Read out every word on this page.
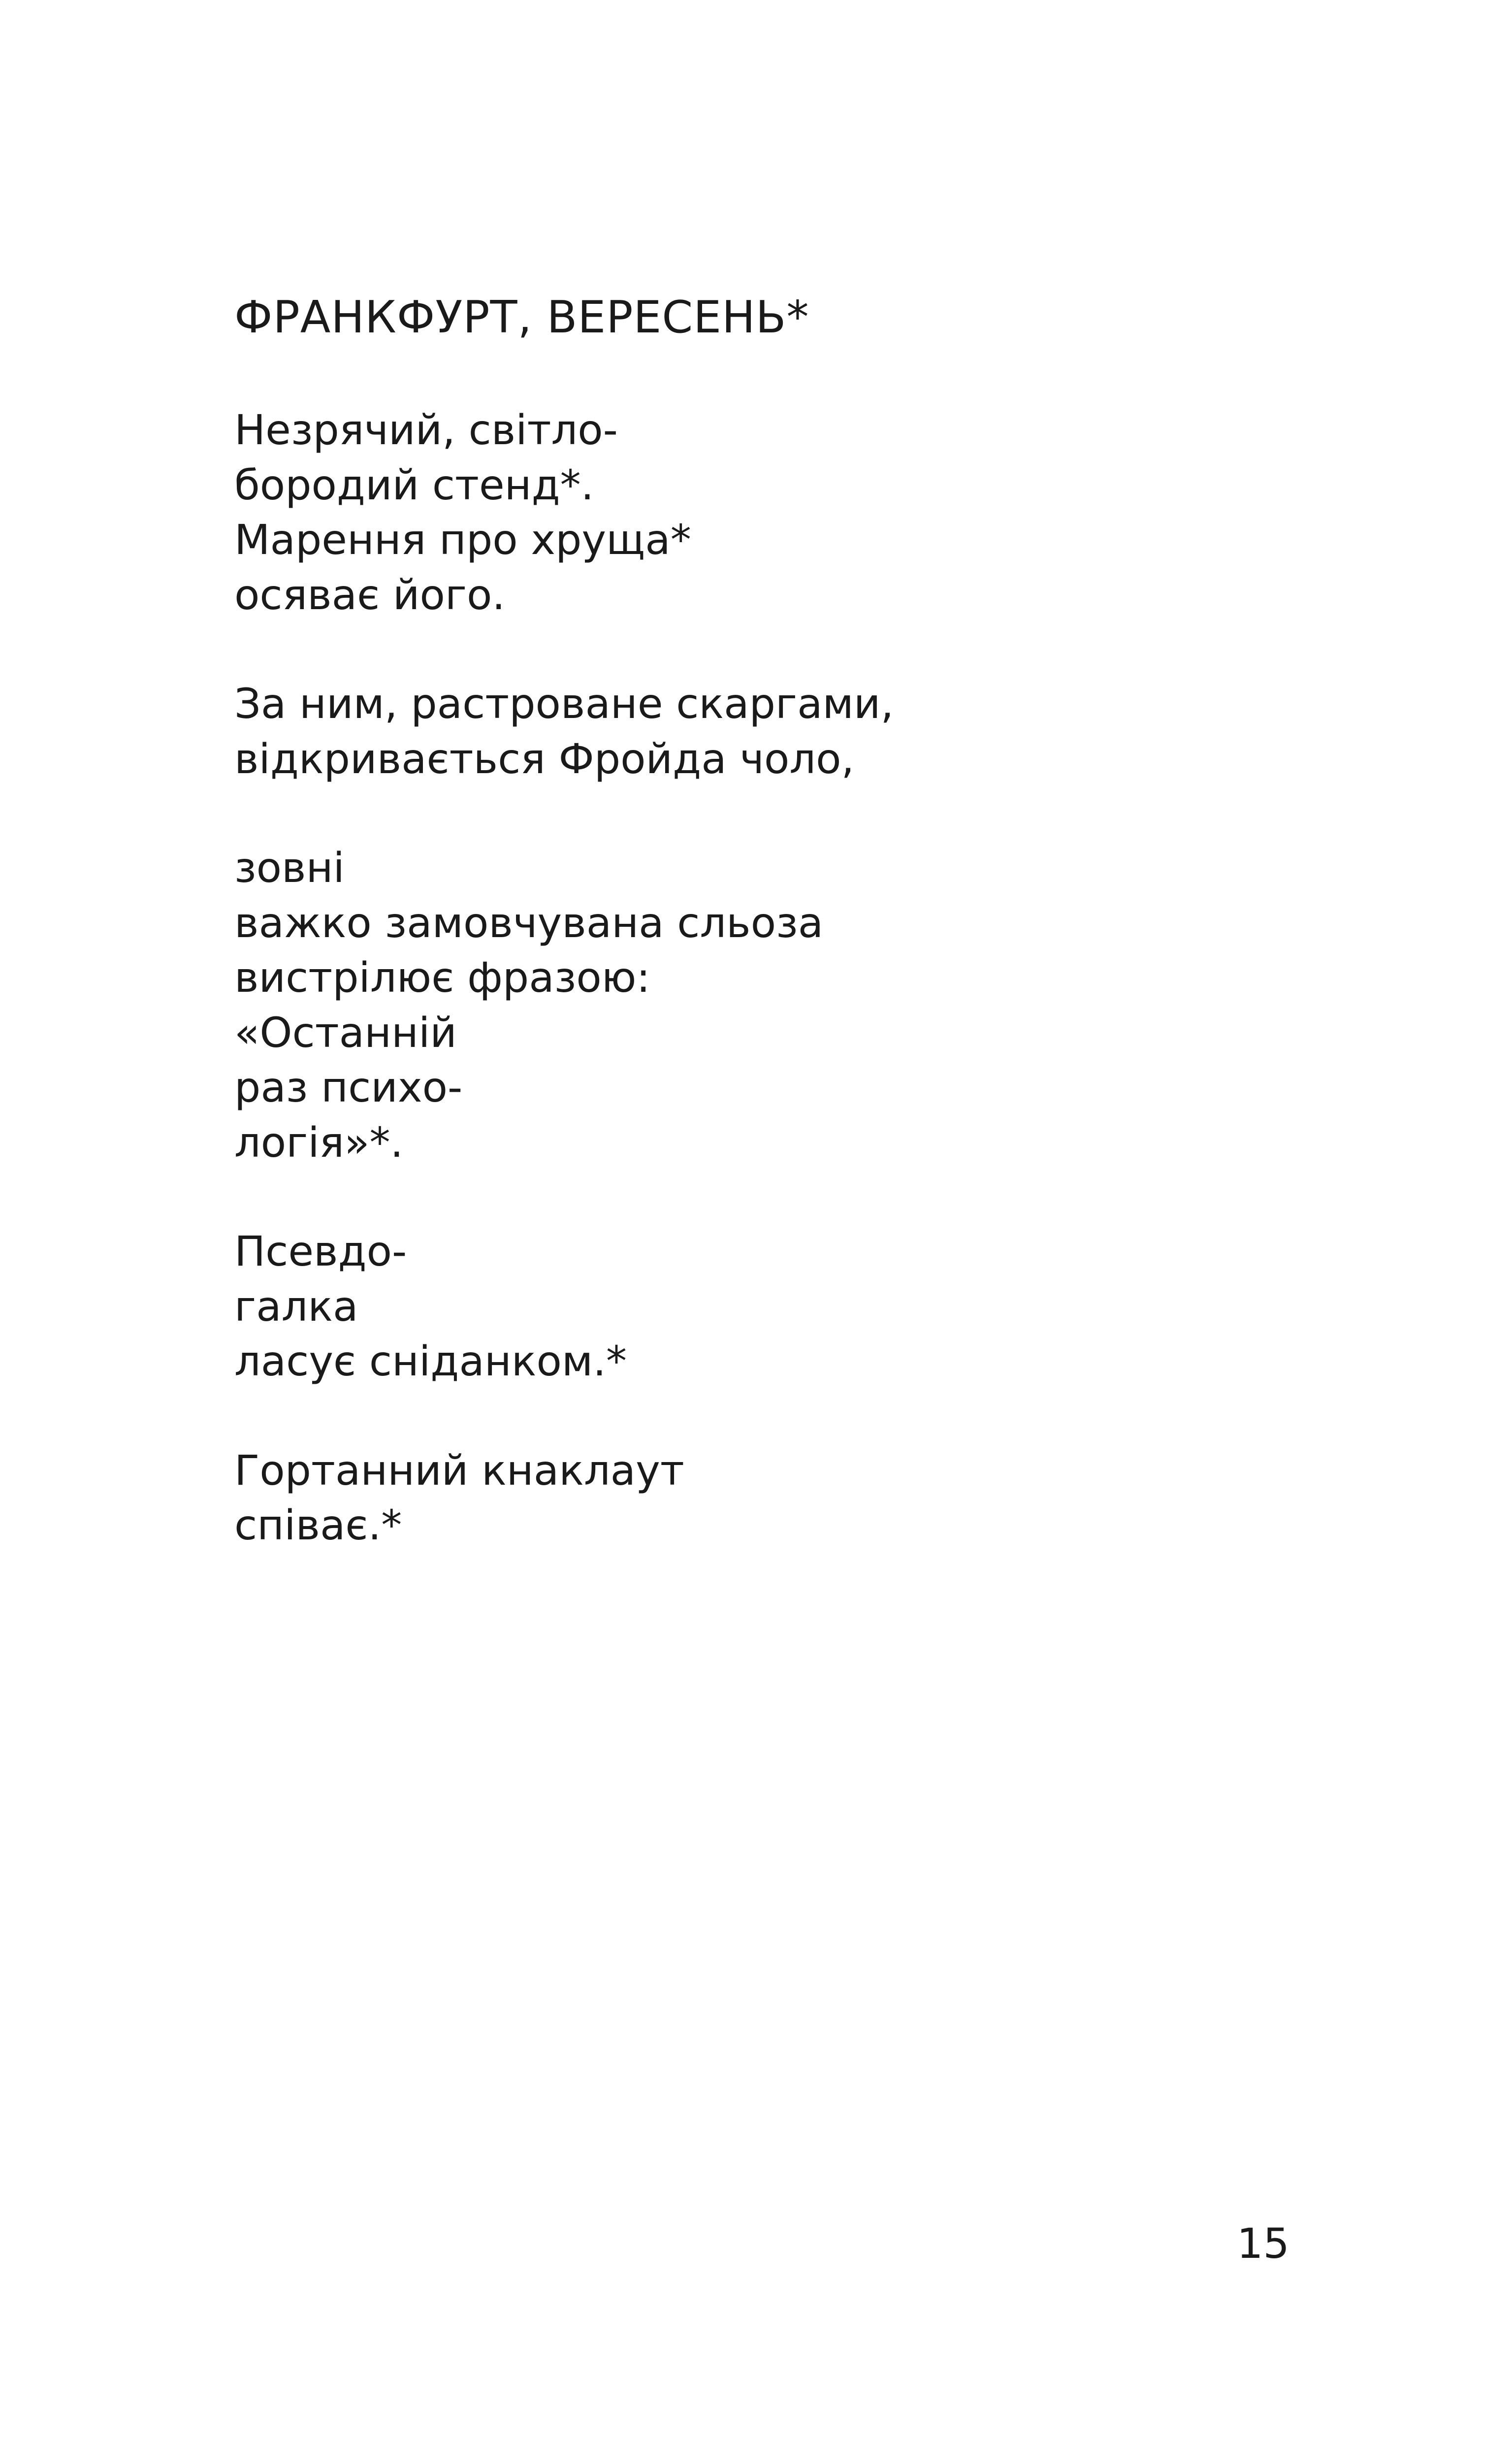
ФРАНКФУРТ, ВЕРЕСЕНЬ*
Незрячий, світло-
бородий стенд*.
Марення про хруща*
осяває його.
За ним, растроване скаргами,
відкривається Фройда чоло,
зовні
важко замовчувана сльоза
вистрілює фразою:
«Останній
раз психо-
логія»*.
Псевдо-
галка
ласує сніданком.*
Гортанний кнаклаут
співає.*
15
